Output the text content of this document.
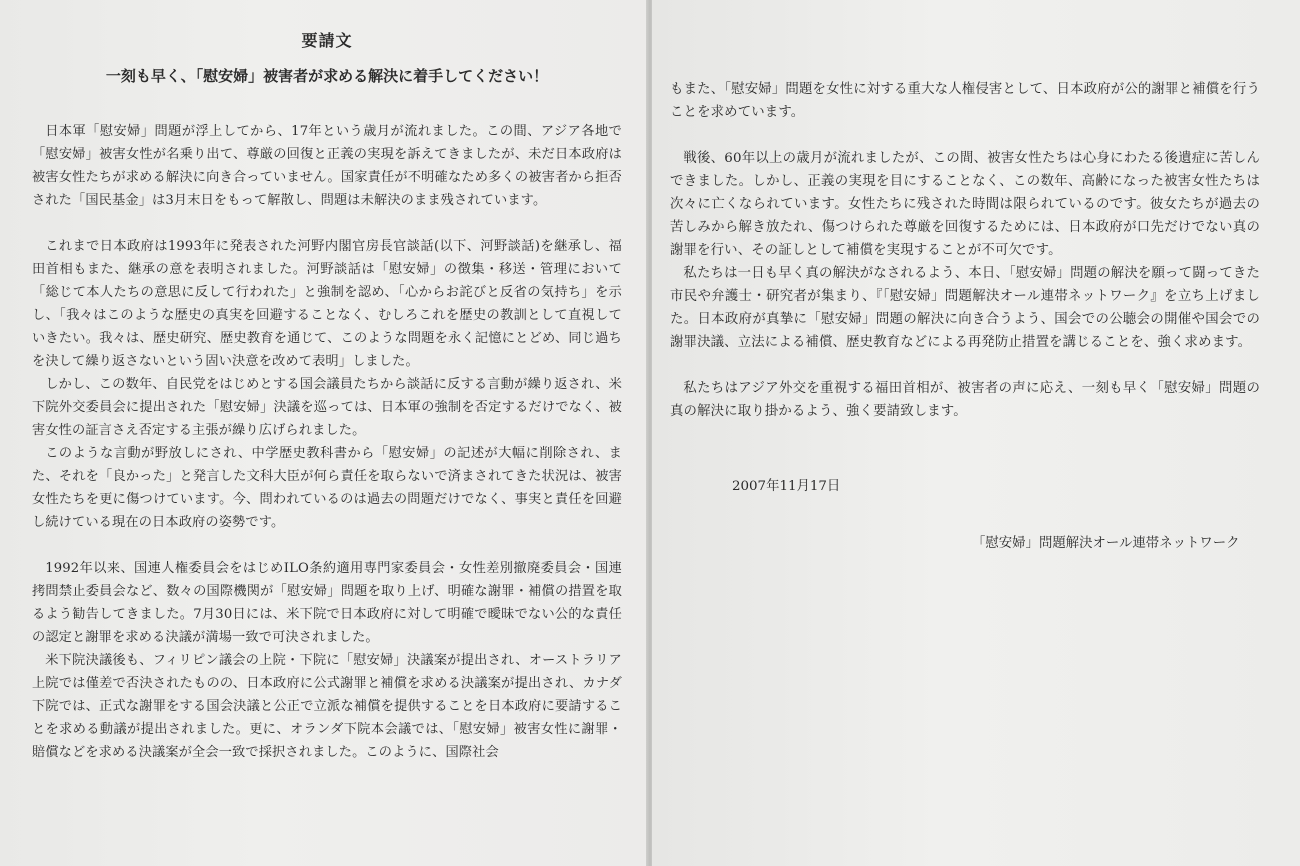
要請文
一刻も早く、「慰安婦」被害者が求める解決に着手してください！

日本軍「慰安婦」問題が浮上してから、17年という歳月が流れました。この間、アジア各地で「慰安婦」被害女性が名乗り出て、尊厳の回復と正義の実現を訴えてきましたが、未だ日本政府は被害女性たちが求める解決に向き合っていません。国家責任が不明確なため多くの被害者から拒否された「国民基金」は3月末日をもって解散し、問題は未解決のまま残されています。

これまで日本政府は1993年に発表された河野内閣官房長官談話(以下、河野談話)を継承し、福田首相もまた、継承の意を表明されました。河野談話は「慰安婦」の徴集・移送・管理において「総じて本人たちの意思に反して行われた」と強制を認め、「心からお詫びと反省の気持ち」を示し、「我々はこのような歴史の真実を回避することなく、むしろこれを歴史の教訓として直視していきたい。我々は、歴史研究、歴史教育を通じて、このような問題を永く記憶にとどめ、同じ過ちを決して繰り返さないという固い決意を改めて表明」しました。

しかし、この数年、自民党をはじめとする国会議員たちから談話に反する言動が繰り返され、米下院外交委員会に提出された「慰安婦」決議を巡っては、日本軍の強制を否定するだけでなく、被害女性の証言さえ否定する主張が繰り広げられました。

このような言動が野放しにされ、中学歴史教科書から「慰安婦」の記述が大幅に削除され、また、それを「良かった」と発言した文科大臣が何ら責任を取らないで済まされてきた状況は、被害女性たちを更に傷つけています。今、問われているのは過去の問題だけでなく、事実と責任を回避し続けている現在の日本政府の姿勢です。

1992年以来、国連人権委員会をはじめILO条約適用専門家委員会・女性差別撤廃委員会・国連拷問禁止委員会など、数々の国際機関が「慰安婦」問題を取り上げ、明確な謝罪・補償の措置を取るよう勧告してきました。7月30日には、米下院で日本政府に対して明確で曖昧でない公的な責任の認定と謝罪を求める決議が満場一致で可決されました。

米下院決議後も、フィリピン議会の上院・下院に「慰安婦」決議案が提出され、オーストラリア上院では僅差で否決されたものの、日本政府に公式謝罪と補償を求める決議案が提出され、カナダ下院では、正式な謝罪をする国会決議と公正で立派な補償を提供することを日本政府に要請することを求める動議が提出されました。更に、オランダ下院本会議では、「慰安婦」被害女性に謝罪・賠償などを求める決議案が全会一致で採択されました。このように、国際社会

もまた、「慰安婦」問題を女性に対する重大な人権侵害として、日本政府が公的謝罪と補償を行うことを求めています。

戦後、60年以上の歳月が流れましたが、この間、被害女性たちは心身にわたる後遺症に苦しんできました。しかし、正義の実現を目にすることなく、この数年、高齢になった被害女性たちは次々に亡くなられています。女性たちに残された時間は限られているのです。彼女たちが過去の苦しみから解き放たれ、傷つけられた尊厳を回復するためには、日本政府が口先だけでない真の謝罪を行い、その証しとして補償を実現することが不可欠です。

私たちは一日も早く真の解決がなされるよう、本日、「慰安婦」問題の解決を願って闘ってきた市民や弁護士・研究者が集まり、『「慰安婦」問題解決オール連帯ネットワーク』を立ち上げました。日本政府が真摯に「慰安婦」問題の解決に向き合うよう、国会での公聴会の開催や国会での謝罪決議、立法による補償、歴史教育などによる再発防止措置を講じることを、強く求めます。

私たちはアジア外交を重視する福田首相が、被害者の声に応え、一刻も早く「慰安婦」問題の真の解決に取り掛かるよう、強く要請致します。

2007年11月17日
「慰安婦」問題解決オール連帯ネットワーク
